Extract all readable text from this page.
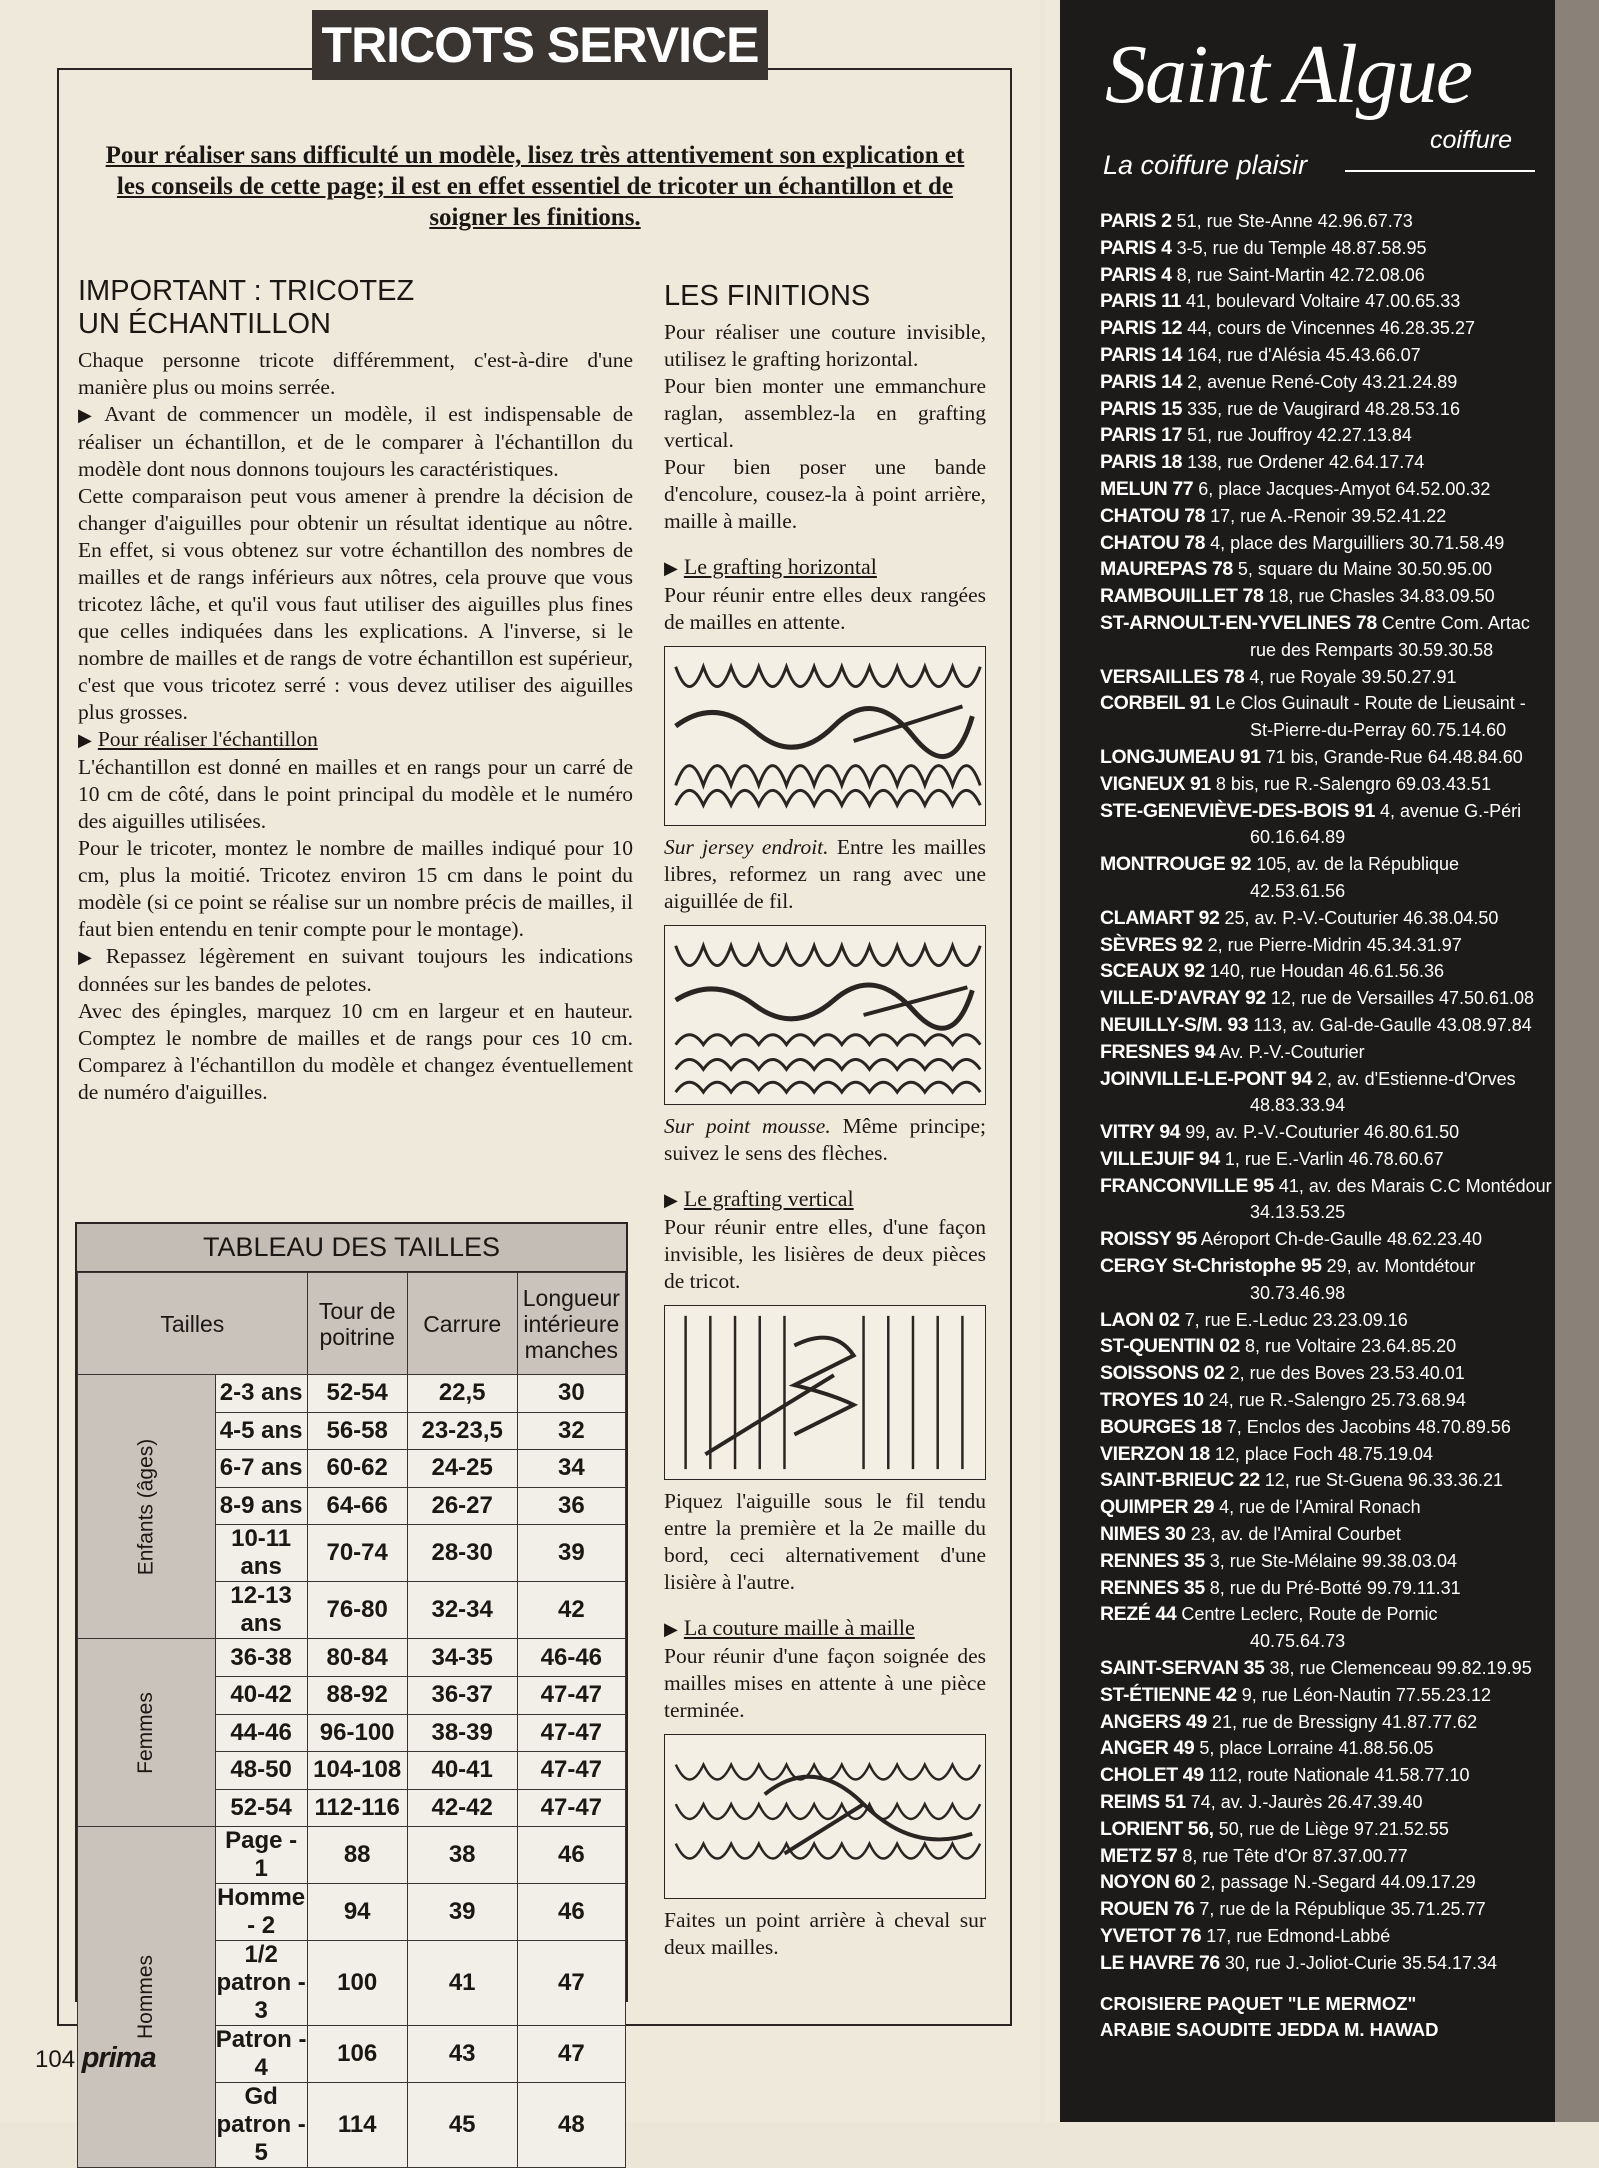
TRICOTS SERVICE

Pour réaliser sans difficulté un modèle, lisez très attentivement son explication et les conseils de cette page; il est en effet essentiel de tricoter un échantillon et de soigner les finitions.

IMPORTANT : TRICOTEZ
UN ÉCHANTILLON

Chaque personne tricote différemment, c'est-à-dire d'une manière plus ou moins serrée.

▶ Avant de commencer un modèle, il est indispensable de réaliser un échantillon, et de le comparer à l'échantillon du modèle dont nous donnons toujours les caractéristiques.

Cette comparaison peut vous amener à prendre la décision de changer d'aiguilles pour obtenir un résultat identique au nôtre. En effet, si vous obtenez sur votre échantillon des nombres de mailles et de rangs inférieurs aux nôtres, cela prouve que vous tricotez lâche, et qu'il vous faut utiliser des aiguilles plus fines que celles indiquées dans les explications. A l'inverse, si le nombre de mailles et de rangs de votre échantillon est supérieur, c'est que vous tricotez serré : vous devez utiliser des aiguilles plus grosses.

▶ Pour réaliser l'échantillon

L'échantillon est donné en mailles et en rangs pour un carré de 10 cm de côté, dans le point principal du modèle et le numéro des aiguilles utilisées.

Pour le tricoter, montez le nombre de mailles indiqué pour 10 cm, plus la moitié. Tricotez environ 15 cm dans le point du modèle (si ce point se réalise sur un nombre précis de mailles, il faut bien entendu en tenir compte pour le montage).

▶ Repassez légèrement en suivant toujours les indications données sur les bandes de pelotes.

Avec des épingles, marquez 10 cm en largeur et en hauteur. Comptez le nombre de mailles et de rangs pour ces 10 cm. Comparez à l'échantillon du modèle et changez éventuellement de numéro d'aiguilles.

LES FINITIONS

Pour réaliser une couture invisible, utilisez le grafting horizontal.

Pour bien monter une emmanchure raglan, assemblez-la en grafting vertical.

Pour bien poser une bande d'encolure, cousez-la à point arrière, maille à maille.

▶ Le grafting horizontal

Pour réunir entre elles deux rangées de mailles en attente.

Sur jersey endroit. Entre les mailles libres, reformez un rang avec une aiguillée de fil.

Sur point mousse. Même principe; suivez le sens des flèches.

▶ Le grafting vertical

Pour réunir entre elles, d'une façon invisible, les lisières de deux pièces de tricot.

Piquez l'aiguille sous le fil tendu entre la première et la 2e maille du bord, ceci alternativement d'une lisière à l'autre.

▶ La couture maille à maille

Pour réunir d'une façon soignée des mailles mises en attente à une pièce terminée.

Faites un point arrière à cheval sur deux mailles.

TABLEAU DES TAILLES
Tailles		Tour de poitrine	Carrure	Longueur intérieure manches
Enfants (âges)	2-3 ans	52-54	22,5	30
	4-5 ans	56-58	23-23,5	32
	6-7 ans	60-62	24-25	34
	8-9 ans	64-66	26-27	36
	10-11 ans	70-74	28-30	39
	12-13 ans	76-80	32-34	42
Femmes	36-38	80-84	34-35	46-46
	40-42	88-92	36-37	47-47
	44-46	96-100	38-39	47-47
	48-50	104-108	40-41	47-47
	52-54	112-116	42-42	47-47
Hommes	Page - 1	88	38	46
	Homme - 2	94	39	46
	1/2 patron - 3	100	41	47
	Patron - 4	106	43	47
	Gd patron - 5	114	45	48
104 prima
Saint Algue
coiffure
La coiffure plaisir
PARIS 2 51, rue Ste-Anne 42.96.67.73
PARIS 4 3-5, rue du Temple 48.87.58.95
PARIS 4 8, rue Saint-Martin 42.72.08.06
PARIS 11 41, boulevard Voltaire 47.00.65.33
PARIS 12 44, cours de Vincennes 46.28.35.27
PARIS 14 164, rue d'Alésia 45.43.66.07
PARIS 14 2, avenue René-Coty 43.21.24.89
PARIS 15 335, rue de Vaugirard 48.28.53.16
PARIS 17 51, rue Jouffroy 42.27.13.84
PARIS 18 138, rue Ordener 42.64.17.74
MELUN 77 6, place Jacques-Amyot 64.52.00.32
CHATOU 78 17, rue A.-Renoir 39.52.41.22
CHATOU 78 4, place des Marguilliers 30.71.58.49
MAUREPAS 78 5, square du Maine 30.50.95.00
RAMBOUILLET 78 18, rue Chasles 34.83.09.50
ST-ARNOULT-EN-YVELINES 78 Centre Com. Artac
rue des Remparts 30.59.30.58
VERSAILLES 78 4, rue Royale 39.50.27.91
CORBEIL 91 Le Clos Guinault - Route de Lieusaint -
St-Pierre-du-Perray 60.75.14.60
LONGJUMEAU 91 71 bis, Grande-Rue 64.48.84.60
VIGNEUX 91 8 bis, rue R.-Salengro 69.03.43.51
STE-GENEVIÈVE-DES-BOIS 91 4, avenue G.-Péri
60.16.64.89
MONTROUGE 92 105, av. de la République
42.53.61.56
CLAMART 92 25, av. P.-V.-Couturier 46.38.04.50
SÈVRES 92 2, rue Pierre-Midrin 45.34.31.97
SCEAUX 92 140, rue Houdan 46.61.56.36
VILLE-D'AVRAY 92 12, rue de Versailles 47.50.61.08
NEUILLY-S/M. 93 113, av. Gal-de-Gaulle 43.08.97.84
FRESNES 94 Av. P.-V.-Couturier
JOINVILLE-LE-PONT 94 2, av. d'Estienne-d'Orves
48.83.33.94
VITRY 94 99, av. P.-V.-Couturier 46.80.61.50
VILLEJUIF 94 1, rue E.-Varlin 46.78.60.67
FRANCONVILLE 95 41, av. des Marais C.C Montédour
34.13.53.25
ROISSY 95 Aéroport Ch-de-Gaulle 48.62.23.40
CERGY St-Christophe 95 29, av. Montdétour
30.73.46.98
LAON 02 7, rue E.-Leduc 23.23.09.16
ST-QUENTIN 02 8, rue Voltaire 23.64.85.20
SOISSONS 02 2, rue des Boves 23.53.40.01
TROYES 10 24, rue R.-Salengro 25.73.68.94
BOURGES 18 7, Enclos des Jacobins 48.70.89.56
VIERZON 18 12, place Foch 48.75.19.04
SAINT-BRIEUC 22 12, rue St-Guena 96.33.36.21
QUIMPER 29 4, rue de l'Amiral Ronach
NIMES 30 23, av. de l'Amiral Courbet
RENNES 35 3, rue Ste-Mélaine 99.38.03.04
RENNES 35 8, rue du Pré-Botté 99.79.11.31
REZÉ 44 Centre Leclerc, Route de Pornic
40.75.64.73
SAINT-SERVAN 35 38, rue Clemenceau 99.82.19.95
ST-ÉTIENNE 42 9, rue Léon-Nautin 77.55.23.12
ANGERS 49 21, rue de Bressigny 41.87.77.62
ANGER 49 5, place Lorraine 41.88.56.05
CHOLET 49 112, route Nationale 41.58.77.10
REIMS 51 74, av. J.-Jaurès 26.47.39.40
LORIENT 56, 50, rue de Liège 97.21.52.55
METZ 57 8, rue Tête d'Or 87.37.00.77
NOYON 60 2, passage N.-Segard 44.09.17.29
ROUEN 76 7, rue de la République 35.71.25.77
YVETOT 76 17, rue Edmond-Labbé
LE HAVRE 76 30, rue J.-Joliot-Curie 35.54.17.34
CROISIERE PAQUET "LE MERMOZ"
ARABIE SAOUDITE JEDDA M. HAWAD
